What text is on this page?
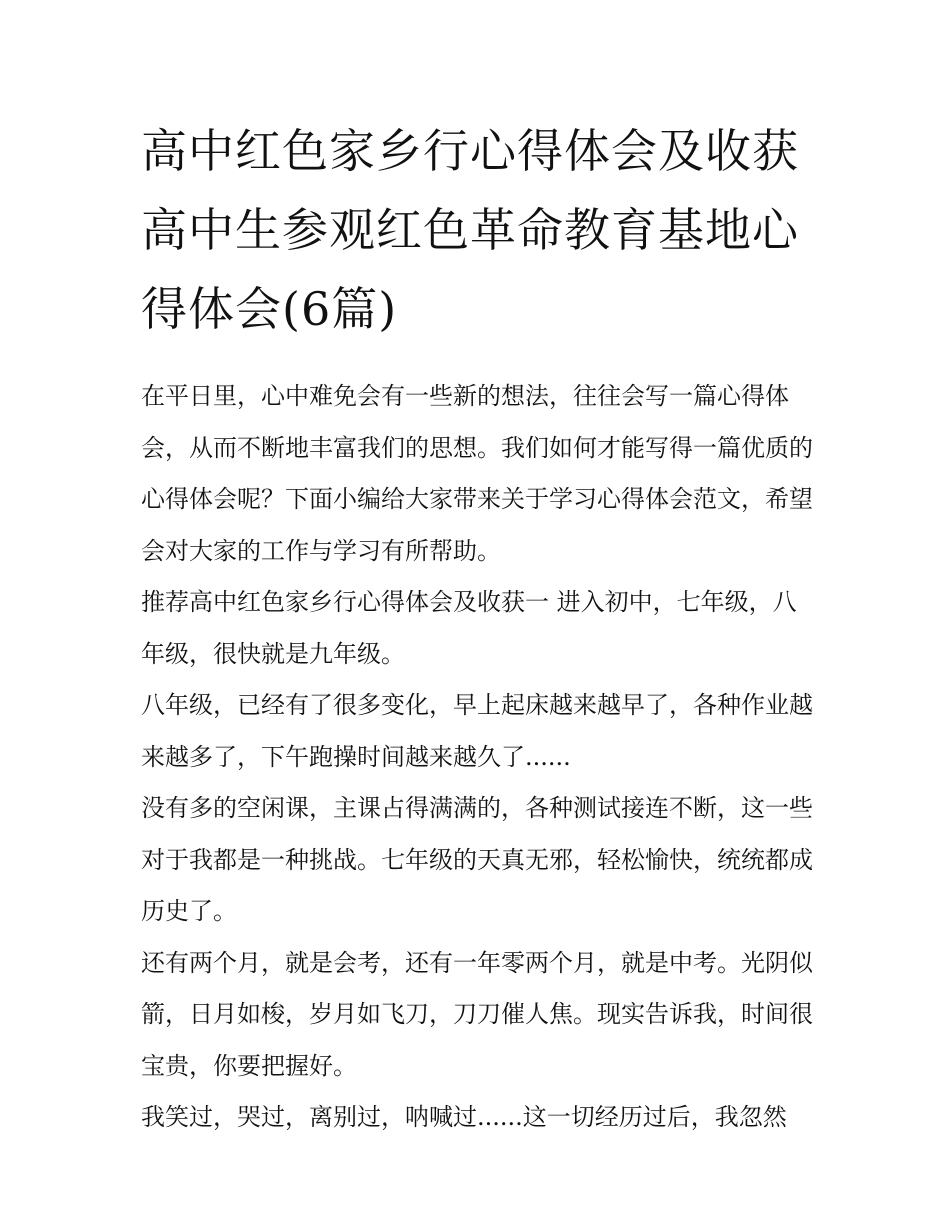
高中红色家乡行心得体会及收获 高中生参观红色革命教育基地心得体会(6篇)

在平日里，心中难免会有一些新的想法，往往会写一篇心得体会，从而不断地丰富我们的思想。我们如何才能写得一篇优质的心得体会呢？下面小编给大家带来关于学习心得体会范文，希望会对大家的工作与学习有所帮助。

推荐高中红色家乡行心得体会及收获一 进入初中，七年级，八年级，很快就是九年级。

八年级，已经有了很多变化，早上起床越来越早了，各种作业越来越多了，下午跑操时间越来越久了......

没有多的空闲课，主课占得满满的，各种测试接连不断，这一些对于我都是一种挑战。七年级的天真无邪，轻松愉快，统统都成历史了。

还有两个月，就是会考，还有一年零两个月，就是中考。光阴似箭，日月如梭，岁月如飞刀，刀刀催人焦。现实告诉我，时间很宝贵，你要把握好。

我笑过，哭过，离别过，呐喊过......这一切经历过后，我忽然
